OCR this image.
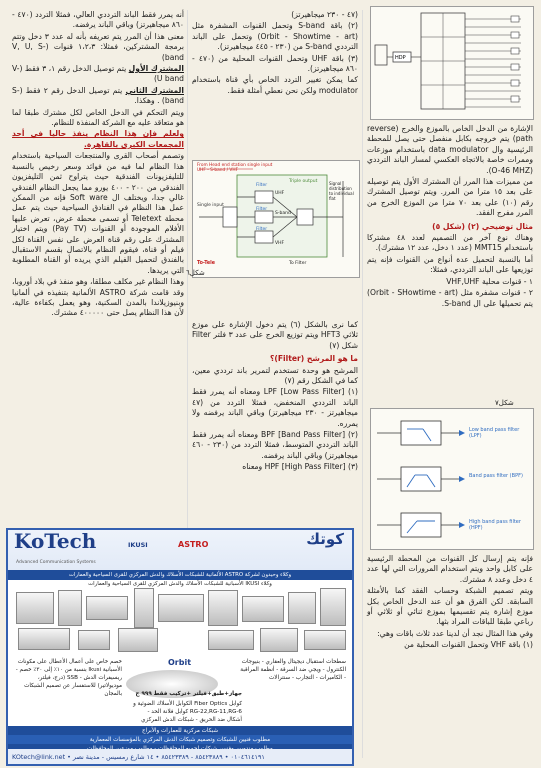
HDP
الإشارة من الدخل الخاص بالموزع والخرج (reverse path) يتم خروجه بكابل منفصل حتى يصل للمحطة الرئيسية وال data modulator باستخدام موزعات وممرات خاصة بالاتجاه العكسي لمسار الباند الترددي (O-46 MHZ).
من مميزات هذا المرر أن المشترك الأول يتم توصيله على بعد ١٥ مترا من المرر. ويتم توصيل المشترك رقم (١٠) على بعد ٧٠ مترا من الموزع الخرج من المرر مفرج الفقد.
مثال توضيحي (٢) (شكل ٥)
وهناك نوع آخر من التصميم لعدد ٤٨ مشتركا باستخدام MMT15 (عدد ١ دخل، عدد ١٢ مشترك).
أما بالنسبة لتحميل عدة أنواع من القنوات فإنه يتم توزيعها على الباند الترددي، فمثلا:
١ - قنوات محلية VHF,UHF
٢ - قنوات مشفرة مثل (Orbit - SHowtime - art) يتم تحميلها على ال S-band.
شكل٧
Low band pass filter (LPF)
Band pass filter (BPF)
High band pass filter (HPF)
فإنه يتم إرسال كل القنوات من المحطة الرئيسية على كابل واحد ويتم استخدام المرورات التي لها عدد ٤ دخل وعدد ٨ مشترك.
ويتم تصميم الشبكة وحساب الفقد كما بالأمثلة السابقة. لكن الفرق هو أن عند الدخل الخاص بكل موزع إشارة يتم تقسيمها بموزع ثنائي أو ثلاثي أو رباعي طبقا للباقات المراد بثها.
وفي هذا المثال نجد أن لدينا عدد ثلاث باقات وهي:
(١) باقة VHF وتحمل القنوات المحلية من
(٤٧ - ٢٣٠ ميجاهيرتز)
(٢) باقة S-band وتحمل القنوات المشفرة مثل (Orbit - Showtime - art) وتحمل على الباند الترددي S-band من (٢٣٠ - ٤٤٥ ميجاهيرتز).
(٣) باقة UHF وتحمل القنوات المحلية من (٤٧٠ - ٨٦٠ ميجاهيرتز).
كما يمكن تغيير التردد الخاص بأي قناة باستخدام modulator ولكن نحن نعطي أمثلة فقط.
From Head end station single input UHF - S-band / VHF
Single input
Triple output
Filter
Filter
Filter
UHF
S-band
VHF
To-Tele	To Filter
Signal distribution to individual flat
شكل٦
كما نرى بالشكل (٦) يتم دخول الإشارة على موزع ثلاثي HFT3 ويتم توزيع الخرج على عدد ٣ فلتر Filter شكل (٧)
ما هو المرشح (Filter)؟
المرشح هو وحدة تستخدم لتمرير باند ترددي معين، كما في الشكل رقم (٧)
(١) [Low Pass Filter] LPF ومعناه أنه يمرر فقط الباند الترددي المنخفض، فمثلا التردد من (٤٧ ميجاهيرتز - ٢٣٠ ميجاهيرتز) وباقي الباند يرفضه ولا يمرره.
(٢) [Band Pass Filter] BPF ومعناه أنه يمرر فقط الباند الترددي المتوسط، فمثلا التردد من (٢٣٠ - ٤٦٠ ميجاهيرتز) وباقي الباند يرفضه.
(٣) [High Pass Filter] HPF ومعناه
أنه يمرر فقط الباند الترددي العالي، فمثلا التردد (٤٧٠ - ٨٦٠ ميجاهيرتز) وباقي الباند يرفضه.
معنى هذا أن المرر يتم تعريفه بأنه له عدد ٣ دخل وتتم برمجة المشتركين، فمثلا: ١،٢،٣ قنوات (V, U, S-band)
المشترك الأول يتم توصيل الدخل رقم ١، ٣ فقط (V-U band)
المشترك الثاني يتم توصيل الدخل رقم ٢ فقط (S-band) . وهكذا.
ويتم التحكم في الدخل الخاص لكل مشترك طبقا لما هو متعاقد عليه مع الشركة المنفذة للنظام.
ولعلم فإن هذا النظام ينفذ حاليا في أحد المجمعات الكبرى بالقاهرة.
وتصمم أصحاب القرى والمنتجعات السياحية باستخدام هذا النظام لما فيه من فوائد وسعر رخيص بالنسبة للتليفزيونات الفندقية حيث يتراوح ثمن التليفزيون الفندقي من ٢٠٠ - ٤٠٠ يورو مما يجعل النظام الفندقي غالي جدا، ويختلف ال Soft ware فإنه من الممكن عمل هذا النظام في الفنادق السياحية حيث يتم عمل محطة Teletext أو تسمى محطة عرض، تعرض عليها الأفلام الموجودة أو القنوات (Pay TV) ويتم اختيار المشترك على رقم قناة العرض على نفس القناة لكل فيلم أو قناة، فيقوم النظام بالاتصال بقسم الاستقبال بالفندق لتحميل الفيلم الذي يريده أو القناة المطلوبة التي يريدها.
وهذا النظام غير مكلف مطلقا، وهو منفذ في بلاد أوروبا، وقد قامت شركة ASTRO الألمانية بتنفيذه في ألمانيا وبنيوزيلاندا بالمدن السكنية، وهو يعمل بكفاءة عالية، لأن هذا النظام يصل حتى ٤٠٠٠٠٠ مشترك.
KoTech
Advanced Communication Systems
IKUSI	ASTRO	كوتك
وكلاء وحيدون لشركة ASTRO الألمانية للشبكات الأسلاك والدش المركزي للقرى السياحية والعمارات
وكلاء IKUSI الأسبانية للشبكات الأسلاك والدش المركزي للقرى السياحية والعمارات
Orbit
خصم خاص على أعمال الأعطال على مكونات الأسبانية Ikusi بنسبة من ١٠٪ إلى ٣٠٪ خصم - ريسيفرات الدش - SSB (درج، فيلتر، موديولاتير) للاستفسار عن تصميم الشبكات بالمجان
كوابل Fiber Optics الكوابل الأسلاك الضوئية و RG-22,RG-11,RG-6 كوابل فلانة الحد - أشكال ضد الحريق - شبكات الدش المركزي
سطحات استقبال ديجيتال والعقاري - بنيوجات الكنترول - ويجي ضد السرقة - أنظمة المراقبة - الكاميرات - التجارب - سنترالات
جهاز+طبق+فيلتر +تركيب فقط ٩٩٩ ج
شبكات مركزية للعمارات والأبراج
مطلوب فنيين للشبكات وتصميم شبكات الدش المركزي بالمؤسسات المعمارية
KOtech@link.net • ٠١٠٤٦١٤١٩١ • ٨٥٤٢٣٨٨٩ - ٨٥٤٢٣٣٨٩ • ١٤ شارع رمسيس - مدينة نصر
